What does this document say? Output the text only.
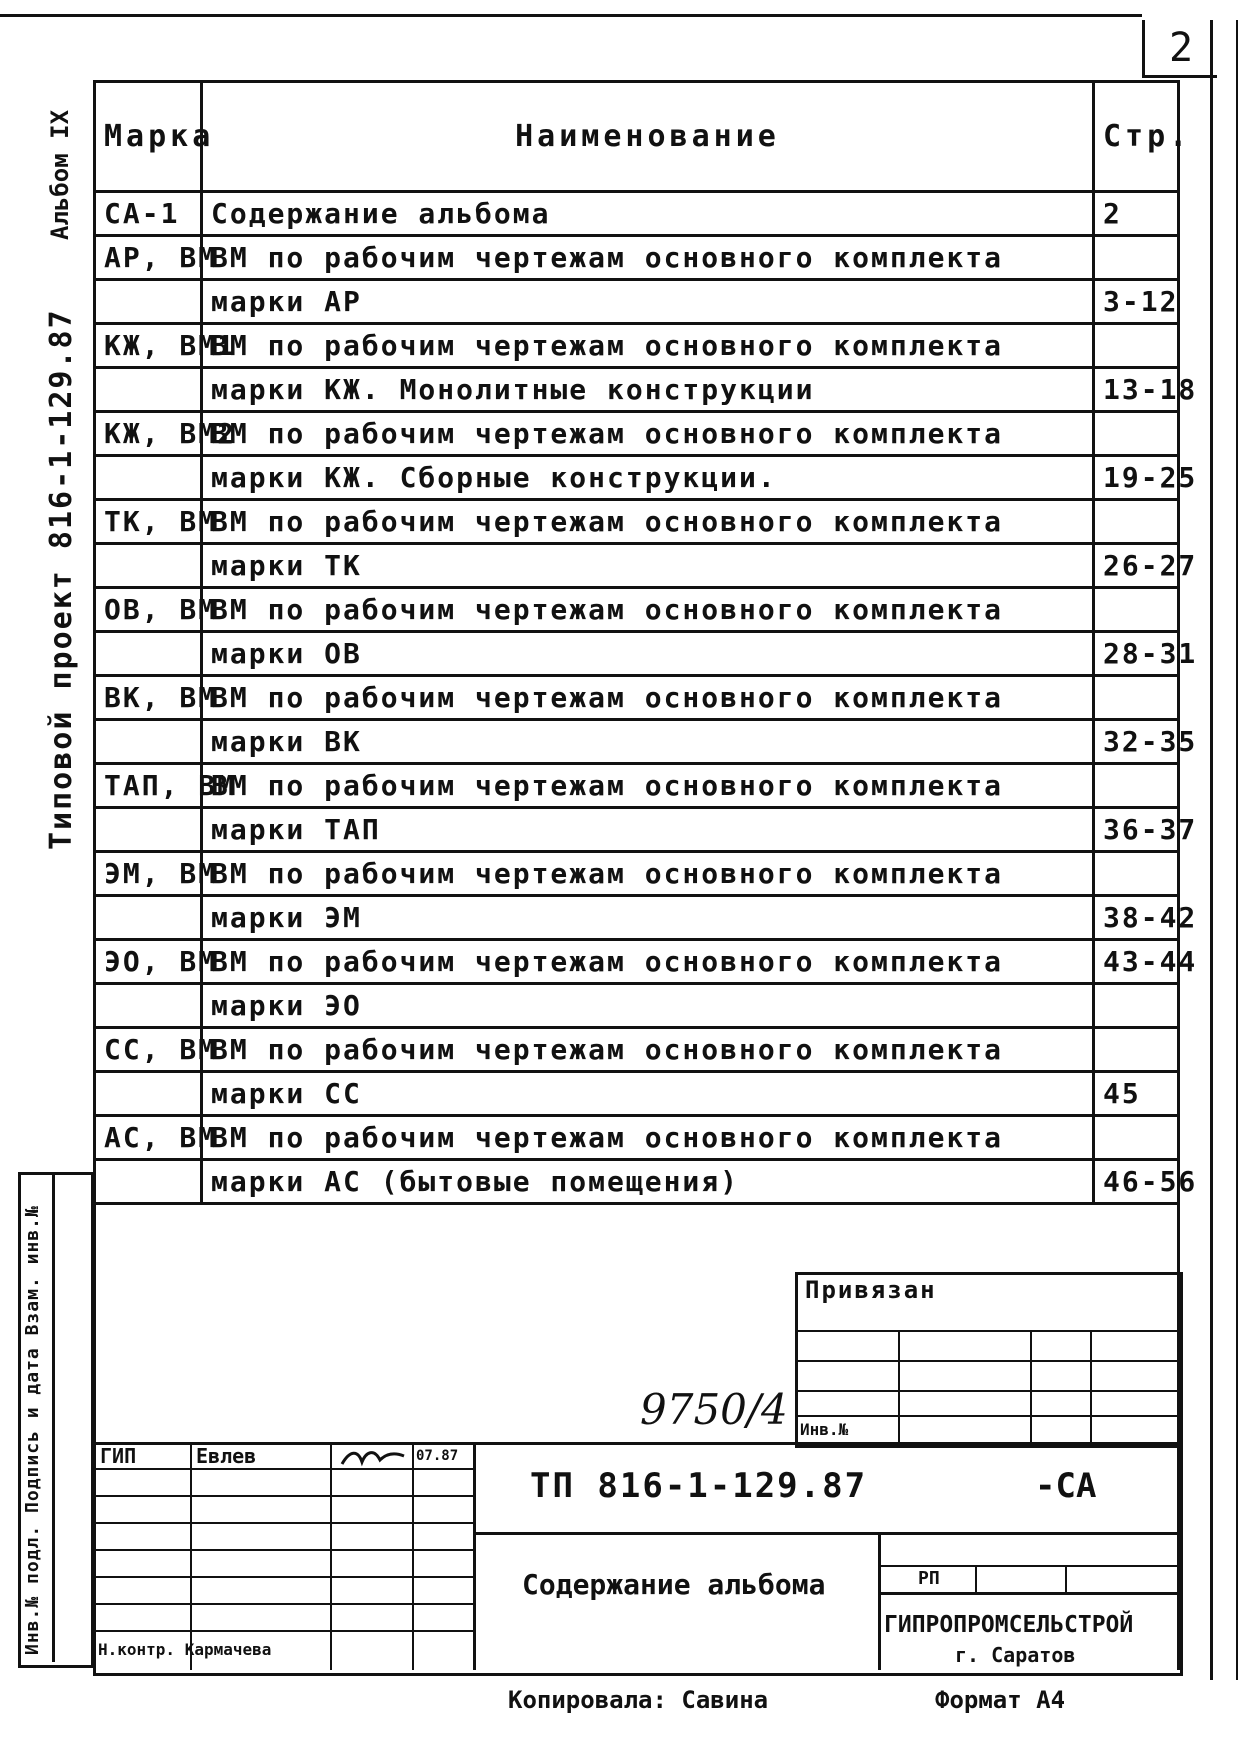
2
Альбом IX
Типовой проект 816-1-129.87
Инв.№ подл. Подпись и дата Взам. инв.№
Марка	Наименование	Стр.
СА-1	Содержание альбома	2
АР, ВМ	ВМ по рабочим чертежам основного комплекта	
	марки АР	3-12
КЖ, ВМ1	ВМ по рабочим чертежам основного комплекта	
	марки КЖ. Монолитные конструкции	13-18
КЖ, ВМ2	ВМ по рабочим чертежам основного комплекта	
	марки КЖ. Сборные конструкции.	19-25
ТК, ВМ	ВМ по рабочим чертежам основного комплекта	
	марки ТК	26-27
ОВ, ВМ	ВМ по рабочим чертежам основного комплекта	
	марки ОВ	28-31
ВК, ВМ	ВМ по рабочим чертежам основного комплекта	
	марки ВК	32-35
ТАП, ВМ	ВМ по рабочим чертежам основного комплекта	
	марки ТАП	36-37
ЭМ, ВМ	ВМ по рабочим чертежам основного комплекта	
	марки ЭМ	38-42
ЭО, ВМ	ВМ по рабочим чертежам основного комплекта	43-44
	марки ЭО	
СС, ВМ	ВМ по рабочим чертежам основного комплекта	
	марки СС	45
АС, ВМ	ВМ по рабочим чертежам основного комплекта	
	марки АС (бытовые помещения)	46-56
Привязан
Инв.№
9750/4
ГИП	Евлев	07.87
Н.контр. Кармачева
ТП 816-1-129.87	-СА
Содержание альбома	РП
ГИПРОПРОМСЕЛЬСТРОЙ
г. Саратов
Копировала: Савина	Формат А4
